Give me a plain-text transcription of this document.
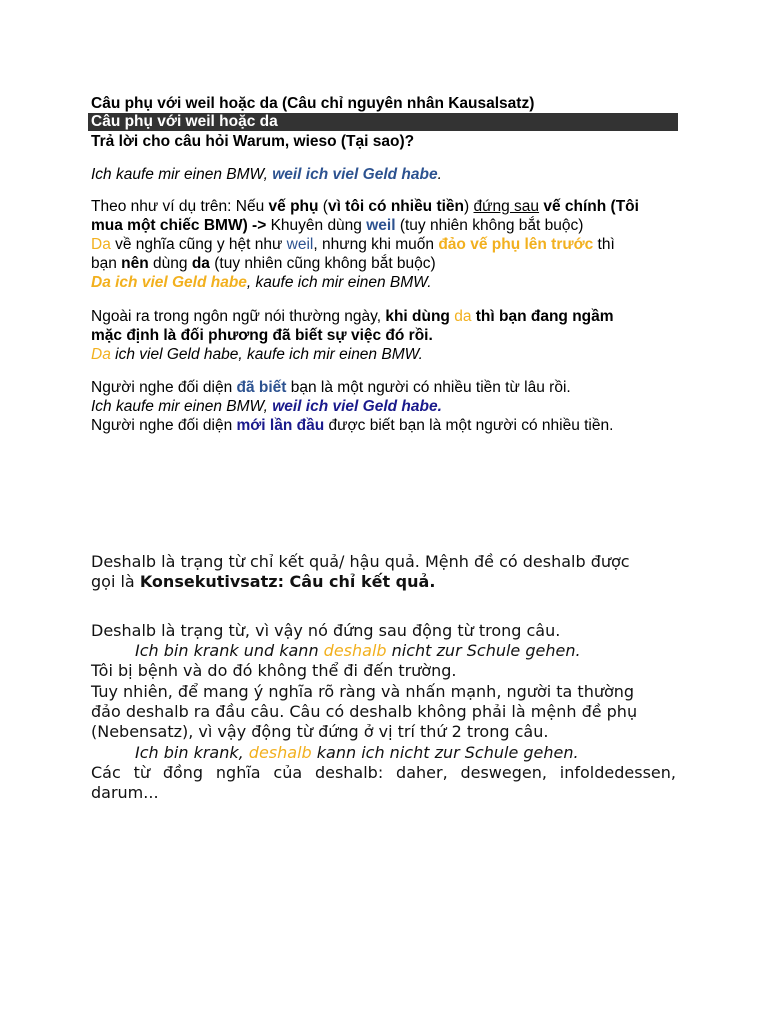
Câu phụ với weil hoặc da (Câu chỉ nguyên nhân Kausalsatz)
Câu phụ với weil hoặc da
Trả lời cho câu hỏi Warum, wieso (Tại sao)?
Ich kaufe mir einen BMW, weil ich viel Geld habe.
Theo như ví dụ trên: Nếu vế phụ (vì tôi có nhiều tiền) đứng sau vế chính (Tôi
mua một chiếc BMW) -> Khuyên dùng weil (tuy nhiên không bắt buộc)
Da về nghĩa cũng y hệt như weil, nhưng khi muốn đảo vế phụ lên trước thì
bạn nên dùng da (tuy nhiên cũng không bắt buộc)
Da ich viel Geld habe, kaufe ich mir einen BMW.
Ngoài ra trong ngôn ngữ nói thường ngày, khi dùng da thì bạn đang ngầm
mặc định là đối phương đã biết sự việc đó rồi.
Da ich viel Geld habe, kaufe ich mir einen BMW.
Người nghe đối diện đã biết bạn là một người có nhiều tiền từ lâu rồi.
Ich kaufe mir einen BMW, weil ich viel Geld habe.
Người nghe đối diện mới lần đầu được biết bạn là một người có nhiều tiền.
Deshalb là trạng từ chỉ kết quả/ hậu quả. Mệnh đề có deshalb được
gọi là Konsekutivsatz: Câu chỉ kết quả.
Deshalb là trạng từ, vì vậy nó đứng sau động từ trong câu.
Ich bin krank und kann deshalb nicht zur Schule gehen.
Tôi bị bệnh và do đó không thể đi đến trường.
Tuy nhiên, để mang ý nghĩa rõ ràng và nhấn mạnh, người ta thường
đảo deshalb ra đầu câu. Câu có deshalb không phải là mệnh đề phụ
(Nebensatz), vì vậy động từ đứng ở vị trí thứ 2 trong câu.
Ich bin krank, deshalb kann ich nicht zur Schule gehen.
Các từ đồng nghĩa của deshalb: daher, deswegen, infoldedessen,
darum...
